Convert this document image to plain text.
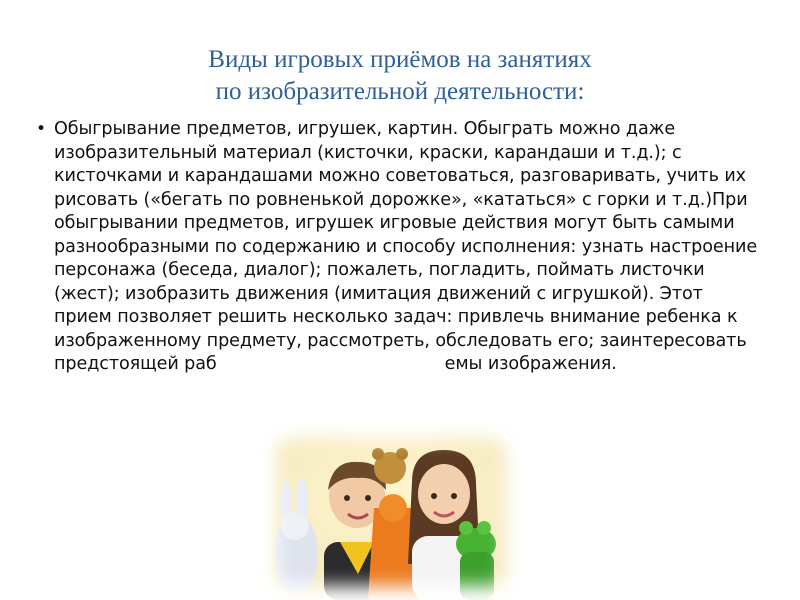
Виды игровых приёмов на занятиях
по изобразительной деятельности:
• Обыгрывание предметов, игрушек, картин. Обыграть можно даже изобразительный материал (кисточки, краски, карандаши и т.д.); с кисточками и карандашами можно советоваться, разговаривать, учить их рисовать («бегать по ровненькой дорожке», «кататься» с горки и т.д.)При обыгрывании предметов, игрушек игровые действия могут быть самыми разнообразными по содержанию и способу исполнения: узнать настроение персонажа (беседа, диалог); пожалеть, погладить, поймать листочки (жест); изобразить движения (имитация движений с игрушкой). Этот прием позволяет решить несколько задач: привлечь внимание ребенка к изображенному предмету, рассмотреть, обследовать его; заинтересовать предстоящей раб	емы изображения.
